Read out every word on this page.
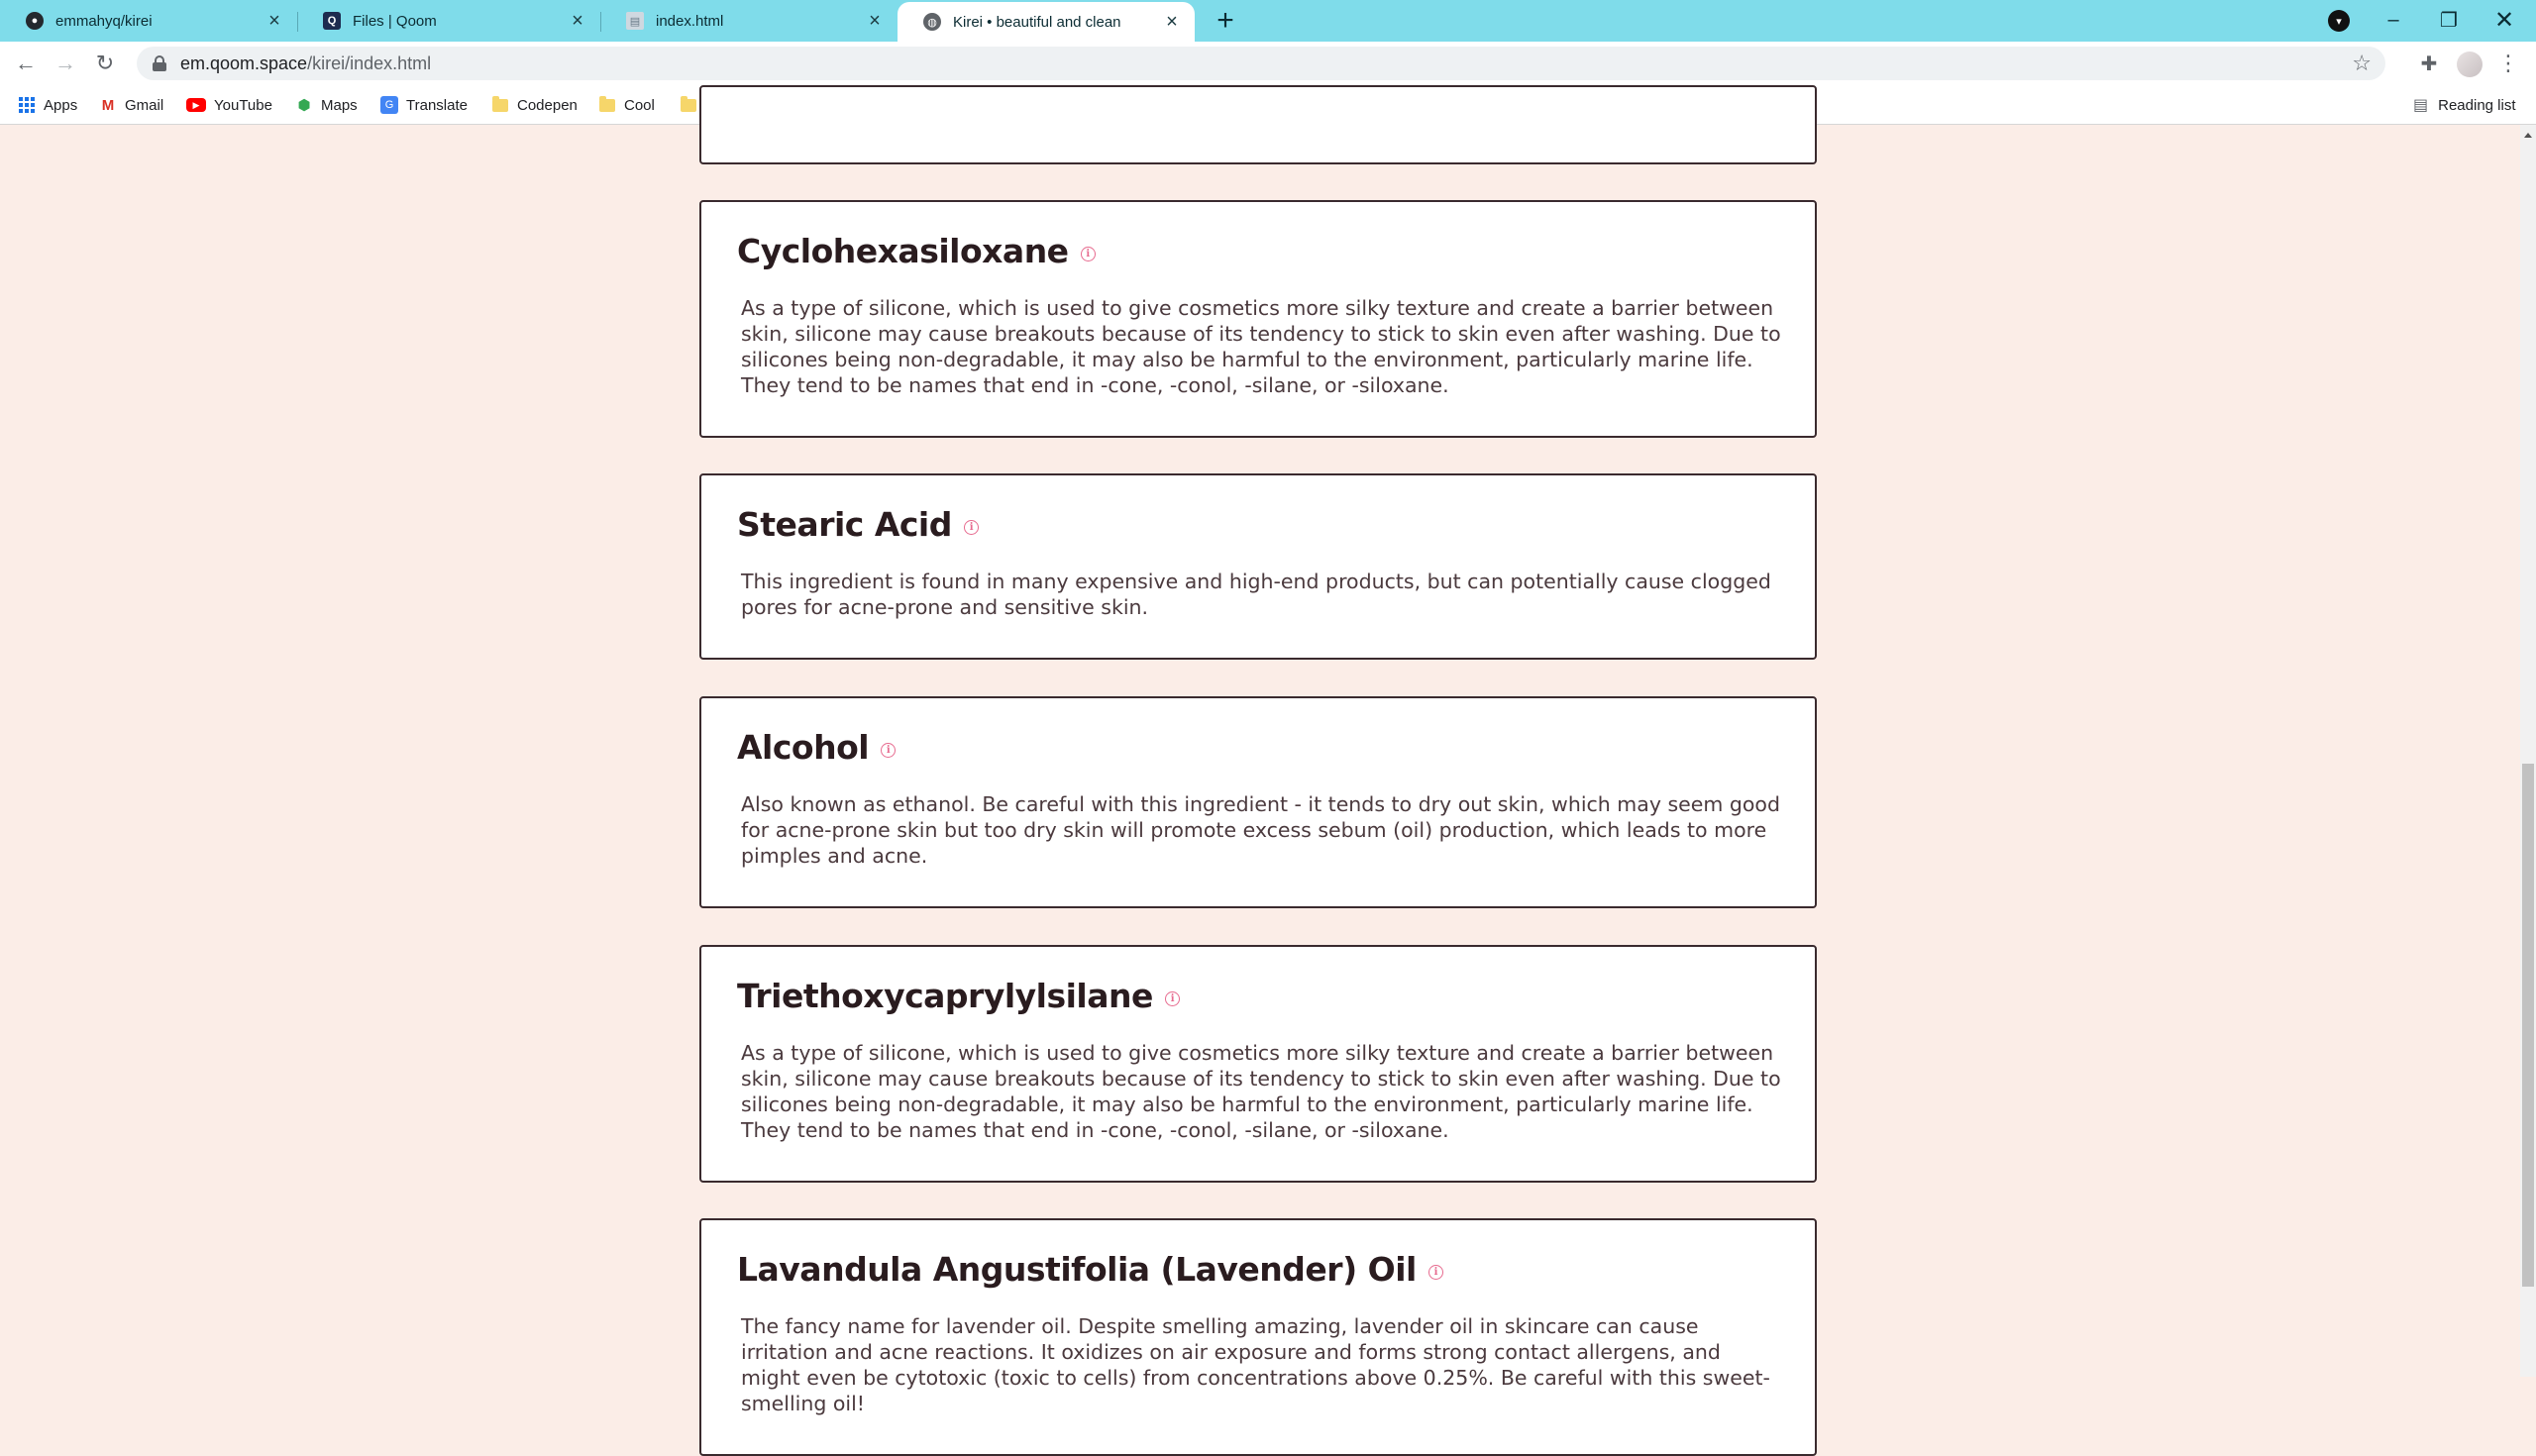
●	emmahyq/kirei	×	Q	Files | Qoom	×	▤ index.html	×	◍ Kirei • beautiful and clean	× +	▾	–	❐	✕
← → ↻	em.qoom.space /kirei/index.html	☆ ✚	⋮
Apps M Gmail	▶ YouTube ⬢ Maps	G Translate	Codepen	Cool	▤ Reading list
Cyclohexasiloxane	i

As a type of silicone, which is used to give cosmetics more silky texture and create a barrier between skin, silicone may cause breakouts because of its tendency to stick to skin even after washing. Due to silicones being non-degradable, it may also be harmful to the environment, particularly marine life. They tend to be names that end in -cone, -conol, -silane, or -siloxane.

Stearic Acid	i

This ingredient is found in many expensive and high-end products, but can potentially cause clogged pores for acne-prone and sensitive skin.

Alcohol	i

Also known as ethanol. Be careful with this ingredient - it tends to dry out skin, which may seem good for acne-prone skin but too dry skin will promote excess sebum (oil) production, which leads to more pimples and acne.

Triethoxycaprylylsilane	i

As a type of silicone, which is used to give cosmetics more silky texture and create a barrier between skin, silicone may cause breakouts because of its tendency to stick to skin even after washing. Due to silicones being non-degradable, it may also be harmful to the environment, particularly marine life. They tend to be names that end in -cone, -conol, -silane, or -siloxane.

Lavandula Angustifolia (Lavender) Oil	i

The fancy name for lavender oil. Despite smelling amazing, lavender oil in skincare can cause irritation and acne reactions. It oxidizes on air exposure and forms strong contact allergens, and might even be cytotoxic (toxic to cells) from concentrations above 0.25%. Be careful with this sweet-smelling oil!
